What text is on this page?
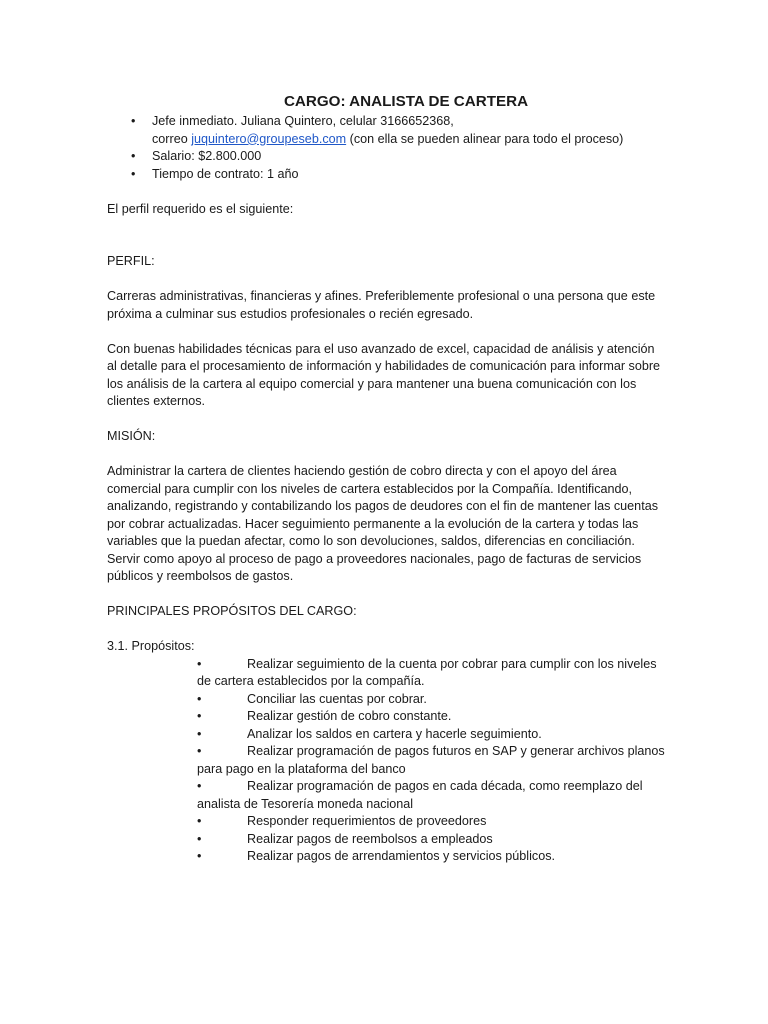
CARGO: ANALISTA DE CARTERA
• Jefe inmediato. Juliana Quintero, celular 3166652368,
correo juquintero@groupeseb.com (con ella se pueden alinear para todo el proceso)
• Salario: $2.800.000
• Tiempo de contrato: 1 año

El perfil requerido es el siguiente:

PERFIL:

Carreras administrativas, financieras y afines. Preferiblemente profesional o una persona que este próxima a culminar sus estudios profesionales o recién egresado.

Con buenas habilidades técnicas para el uso avanzado de excel, capacidad de análisis y atención al detalle para el procesamiento de información y habilidades de comunicación para informar sobre los análisis de la cartera al equipo comercial y para mantener una buena comunicación con los clientes externos.

MISIÓN:

Administrar la cartera de clientes haciendo gestión de cobro directa y con el apoyo del área comercial para cumplir con los niveles de cartera establecidos por la Compañía. Identificando, analizando, registrando y contabilizando los pagos de deudores con el fin de mantener las cuentas por cobrar actualizadas. Hacer seguimiento permanente a la evolución de la cartera y todas las variables que la puedan afectar, como lo son devoluciones, saldos, diferencias en conciliación. Servir como apoyo al proceso de pago a proveedores nacionales, pago de facturas de servicios públicos y reembolsos de gastos.

PRINCIPALES PROPÓSITOS DEL CARGO:

3.1. Propósitos:

•	Realizar seguimiento de la cuenta por cobrar para cumplir con los niveles de cartera establecidos por la compañía.
•	Conciliar las cuentas por cobrar.
•	Realizar gestión de cobro constante.
•	Analizar los saldos en cartera y hacerle seguimiento.
•	Realizar programación de pagos futuros en SAP y generar archivos planos para pago en la plataforma del banco
•	Realizar programación de pagos en cada década, como reemplazo del analista de Tesorería moneda nacional
•	Responder requerimientos de proveedores
•	Realizar pagos de reembolsos a empleados
•	Realizar pagos de arrendamientos y servicios públicos.
